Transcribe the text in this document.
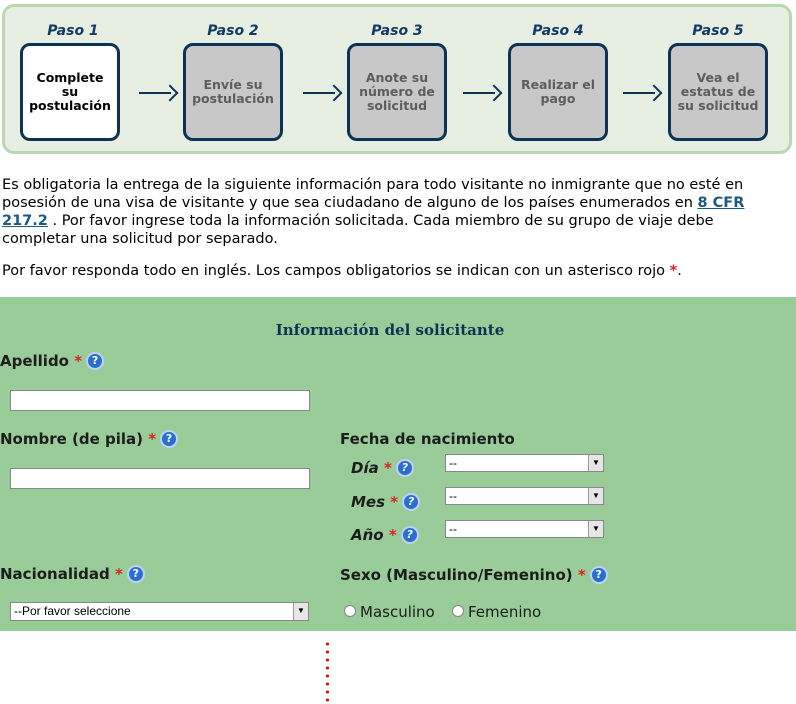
Paso 1
Complete su postulación
Paso 2
Envíe su postulación
Paso 3
Anote su número de solicitud
Paso 4
Realizar el pago
Paso 5
Vea el estatus de su solicitud

Es obligatoria la entrega de la siguiente información para todo visitante no inmigrante que no esté en posesión de una visa de visitante y que sea ciudadano de alguno de los países enumerados en 8 CFR 217.2 . Por favor ingrese toda la información solicitada. Cada miembro de su grupo de viaje debe completar una solicitud por separado.

Por favor responda todo en inglés. Los campos obligatorios se indican con un asterisco rojo *.

Información del solicitante
Apellido * ?
Nombre (de pila) * ?	Fecha de nacimiento
Día * ?	--	▼
Mes * ?	--	▼
Año * ?	--	▼
Nacionalidad * ?
--Por favor seleccione	▼
Sexo (Masculino/Femenino) * ?
Masculino	Femenino
